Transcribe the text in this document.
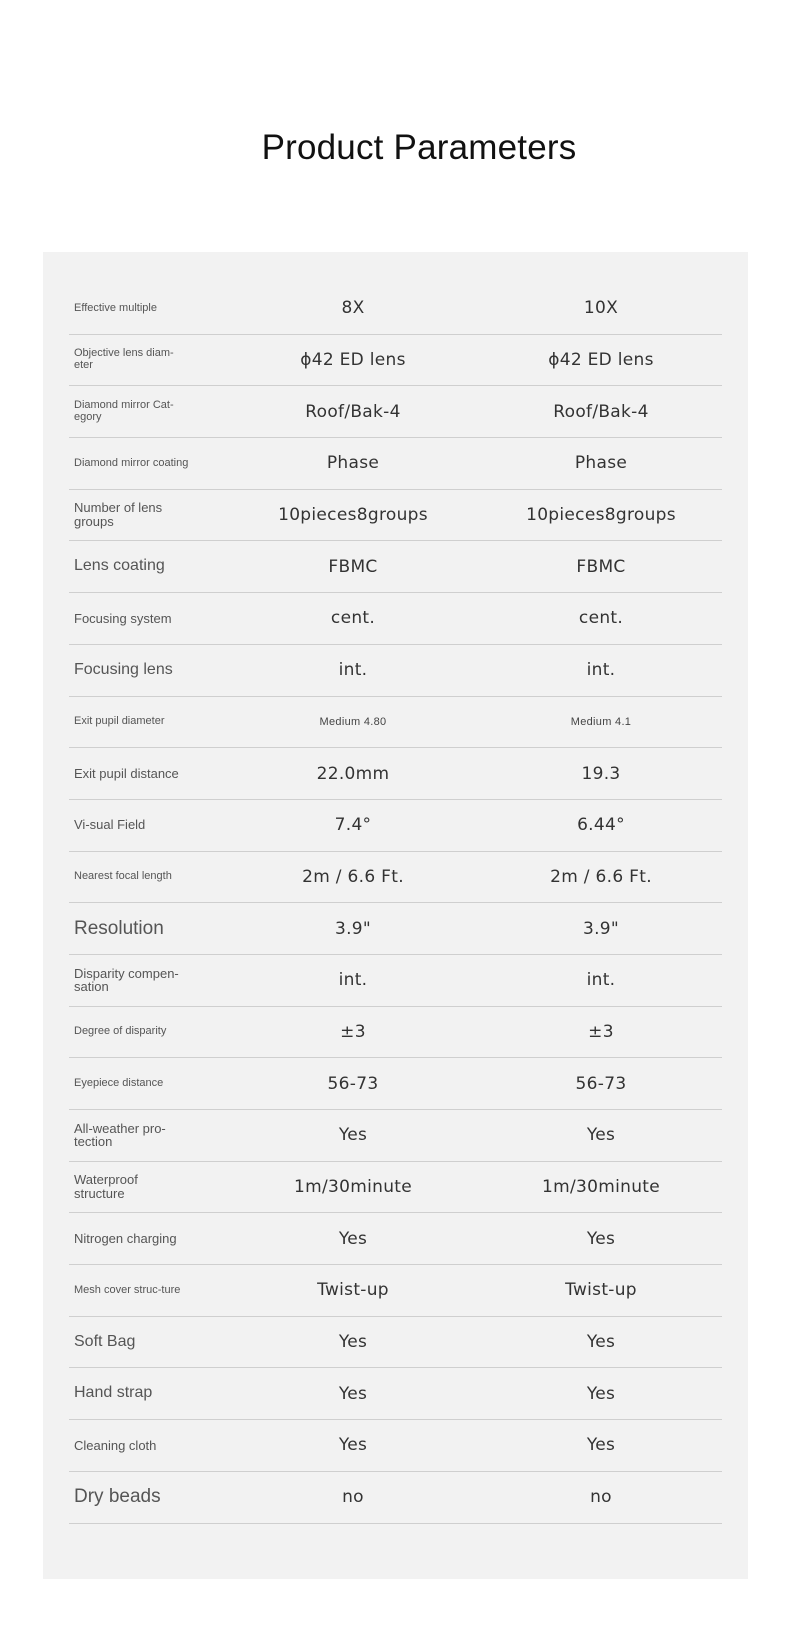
Product Parameters
Effective multiple	8X	10X
Objective lens diam-eter	ϕ42 ED lens	ϕ42 ED lens
Diamond mirror Cat-egory	Roof/Bak-4	Roof/Bak-4
Diamond mirror coating	Phase	Phase
Number of lens groups	10pieces8groups	10pieces8groups
Lens coating	FBMC	FBMC
Focusing system	cent.	cent.
Focusing lens	int.	int.
Exit pupil diameter	Medium 4.80	Medium 4.1
Exit pupil distance	22.0mm	19.3
Vi-sual Field	7.4°	6.44°
Nearest focal length	2m / 6.6 Ft.	2m / 6.6 Ft.
Resolution	3.9"	3.9"
Disparity compen-sation	int.	int.
Degree of disparity	±3	±3
Eyepiece distance	56-73	56-73
All-weather pro-tection	Yes	Yes
Waterproof structure	1m/30minute	1m/30minute
Nitrogen charging	Yes	Yes
Mesh cover struc-ture	Twist-up	Twist-up
Soft Bag	Yes	Yes
Hand strap	Yes	Yes
Cleaning cloth	Yes	Yes
Dry beads	no	no
